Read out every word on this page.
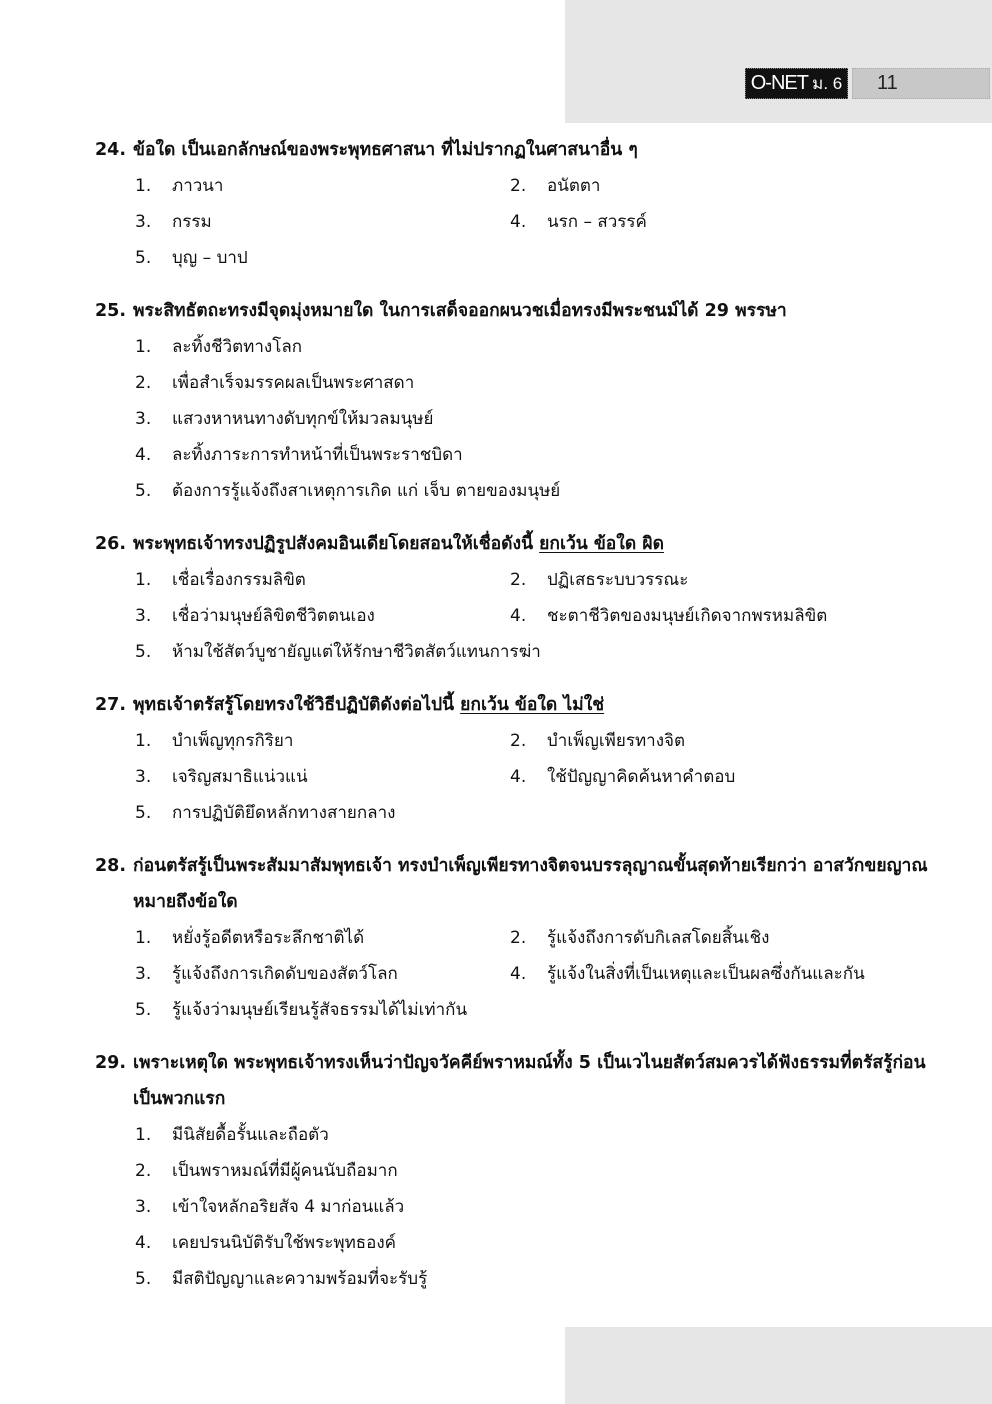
O-NET ม. 6	11
24. ข้อใด เป็นเอกลักษณ์ของพระพุทธศาสนา ที่ไม่ปรากฏในศาสนาอื่น ๆ
1.	ภาวนา	2.	อนัตตา
3.	กรรม	4.	นรก – สวรรค์
5.	บุญ – บาป
25. พระสิทธัตถะทรงมีจุดมุ่งหมายใด ในการเสด็จออกผนวชเมื่อทรงมีพระชนม์ได้ 29 พรรษา
1.	ละทิ้งชีวิตทางโลก
2.	เพื่อสำเร็จมรรคผลเป็นพระศาสดา
3.	แสวงหาหนทางดับทุกข์ให้มวลมนุษย์
4.	ละทิ้งภาระการทำหน้าที่เป็นพระราชบิดา
5.	ต้องการรู้แจ้งถึงสาเหตุการเกิด แก่ เจ็บ ตายของมนุษย์
26. พระพุทธเจ้าทรงปฏิรูปสังคมอินเดียโดยสอนให้เชื่อดังนี้ ยกเว้น ข้อใด ผิด
1.	เชื่อเรื่องกรรมลิขิต	2.	ปฏิเสธระบบวรรณะ
3.	เชื่อว่ามนุษย์ลิขิตชีวิตตนเอง	4.	ชะตาชีวิตของมนุษย์เกิดจากพรหมลิขิต
5.	ห้ามใช้สัตว์บูชายัญแต่ให้รักษาชีวิตสัตว์แทนการฆ่า
27. พุทธเจ้าตรัสรู้โดยทรงใช้วิธีปฏิบัติดังต่อไปนี้ ยกเว้น ข้อใด ไม่ใช่
1.	บำเพ็ญทุกรกิริยา	2.	บำเพ็ญเพียรทางจิต
3.	เจริญสมาธิแน่วแน่	4.	ใช้ปัญญาคิดค้นหาคำตอบ
5.	การปฏิบัติยึดหลักทางสายกลาง
28. ก่อนตรัสรู้เป็นพระสัมมาสัมพุทธเจ้า ทรงบำเพ็ญเพียรทางจิตจนบรรลุญาณขั้นสุดท้ายเรียกว่า อาสวักขยญาณ หมายถึงข้อใด
1.	หยั่งรู้อดีตหรือระลึกชาติได้	2.	รู้แจ้งถึงการดับกิเลสโดยสิ้นเชิง
3.	รู้แจ้งถึงการเกิดดับของสัตว์โลก	4.	รู้แจ้งในสิ่งที่เป็นเหตุและเป็นผลซึ่งกันและกัน
5.	รู้แจ้งว่ามนุษย์เรียนรู้สัจธรรมได้ไม่เท่ากัน
29. เพราะเหตุใด พระพุทธเจ้าทรงเห็นว่าปัญจวัคคีย์พราหมณ์ทั้ง 5 เป็นเวไนยสัตว์สมควรได้ฟังธรรมที่ตรัสรู้ก่อนเป็นพวกแรก
1.	มีนิสัยดื้อรั้นและถือตัว
2.	เป็นพราหมณ์ที่มีผู้คนนับถือมาก
3.	เข้าใจหลักอริยสัจ 4 มาก่อนแล้ว
4.	เคยปรนนิบัติรับใช้พระพุทธองค์
5.	มีสติปัญญาและความพร้อมที่จะรับรู้
